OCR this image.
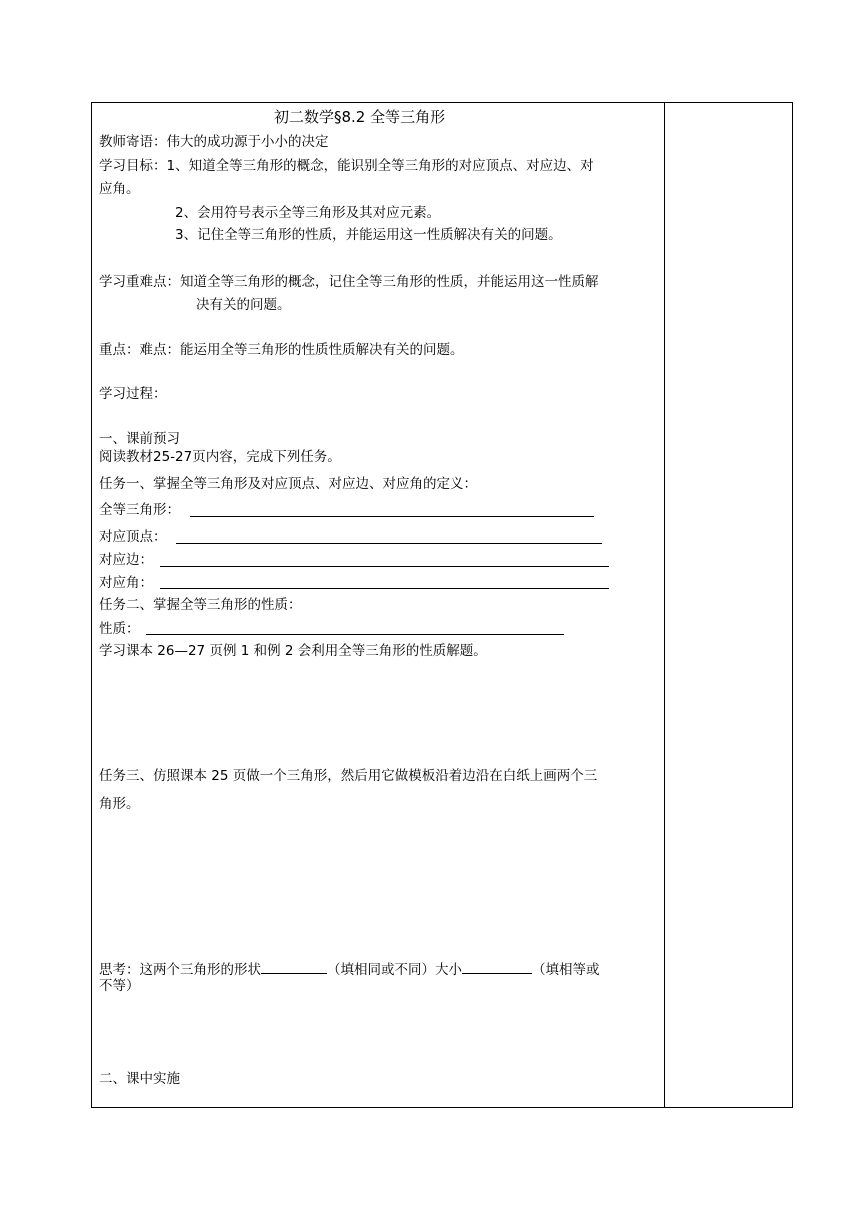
初二数学§8.2 全等三角形
教师寄语：伟大的成功源于小小的决定
学习目标：1、知道全等三角形的概念，能识别全等三角形的对应顶点、对应边、对
应角。
2、会用符号表示全等三角形及其对应元素。
3、记住全等三角形的性质，并能运用这一性质解决有关的问题。
学习重难点：知道全等三角形的概念，记住全等三角形的性质，并能运用这一性质解
决有关的问题。
重点：难点：能运用全等三角形的性质性质解决有关的问题。
学习过程：
一、课前预习
阅读教材25-27页内容，完成下列任务。
任务一、掌握全等三角形及对应顶点、对应边、对应角的定义：
全等三角形：
对应顶点：
对应边：
对应角：
任务二、掌握全等三角形的性质：
性质：
学习课本 26—27 页例 1 和例 2 会利用全等三角形的性质解题。
任务三、仿照课本 25 页做一个三角形，然后用它做模板沿着边沿在白纸上画两个三
角形。
思考：这两个三角形的形状	（填相同或不同）大小	（填相等或
不等）
二、课中实施
